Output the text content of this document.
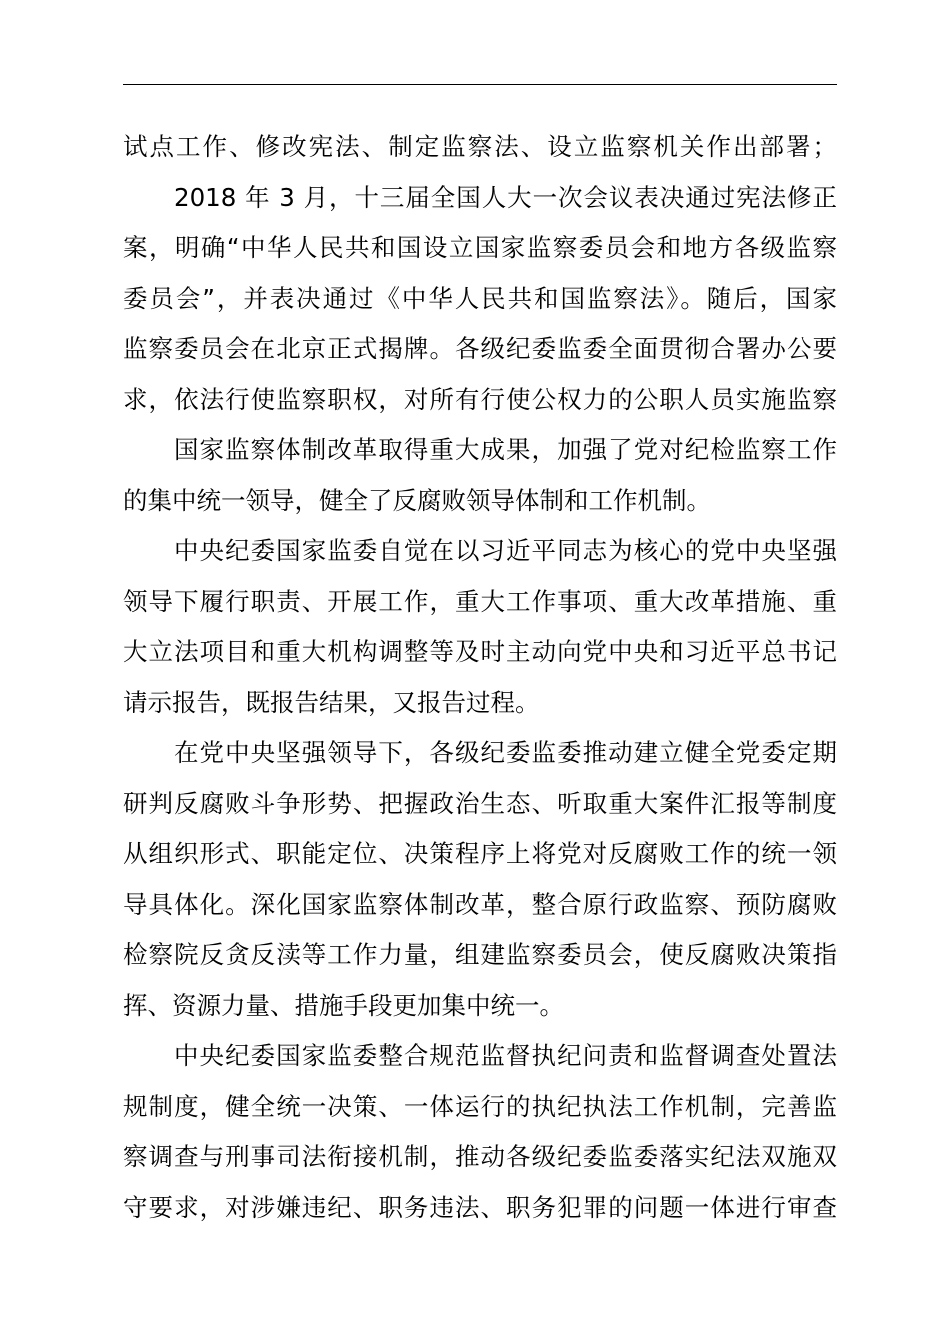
试点工作、修改宪法、制定监察法、设立监察机关作出部署；
2018 年 3 月，十三届全国人大一次会议表决通过宪法修正
案，明确“中华人民共和国设立国家监察委员会和地方各级监察
委员会”，并表决通过《中华人民共和国监察法》。随后，国家
监察委员会在北京正式揭牌。各级纪委监委全面贯彻合署办公要
求，依法行使监察职权，对所有行使公权力的公职人员实施监察
国家监察体制改革取得重大成果，加强了党对纪检监察工作
的集中统一领导，健全了反腐败领导体制和工作机制。
中央纪委国家监委自觉在以习近平同志为核心的党中央坚强
领导下履行职责、开展工作，重大工作事项、重大改革措施、重
大立法项目和重大机构调整等及时主动向党中央和习近平总书记
请示报告，既报告结果，又报告过程。
在党中央坚强领导下，各级纪委监委推动建立健全党委定期
研判反腐败斗争形势、把握政治生态、听取重大案件汇报等制度
从组织形式、职能定位、决策程序上将党对反腐败工作的统一领
导具体化。深化国家监察体制改革，整合原行政监察、预防腐败
检察院反贪反渎等工作力量，组建监察委员会，使反腐败决策指
挥、资源力量、措施手段更加集中统一。
中央纪委国家监委整合规范监督执纪问责和监督调查处置法
规制度，健全统一决策、一体运行的执纪执法工作机制，完善监
察调查与刑事司法衔接机制，推动各级纪委监委落实纪法双施双
守要求，对涉嫌违纪、职务违法、职务犯罪的问题一体进行审查
